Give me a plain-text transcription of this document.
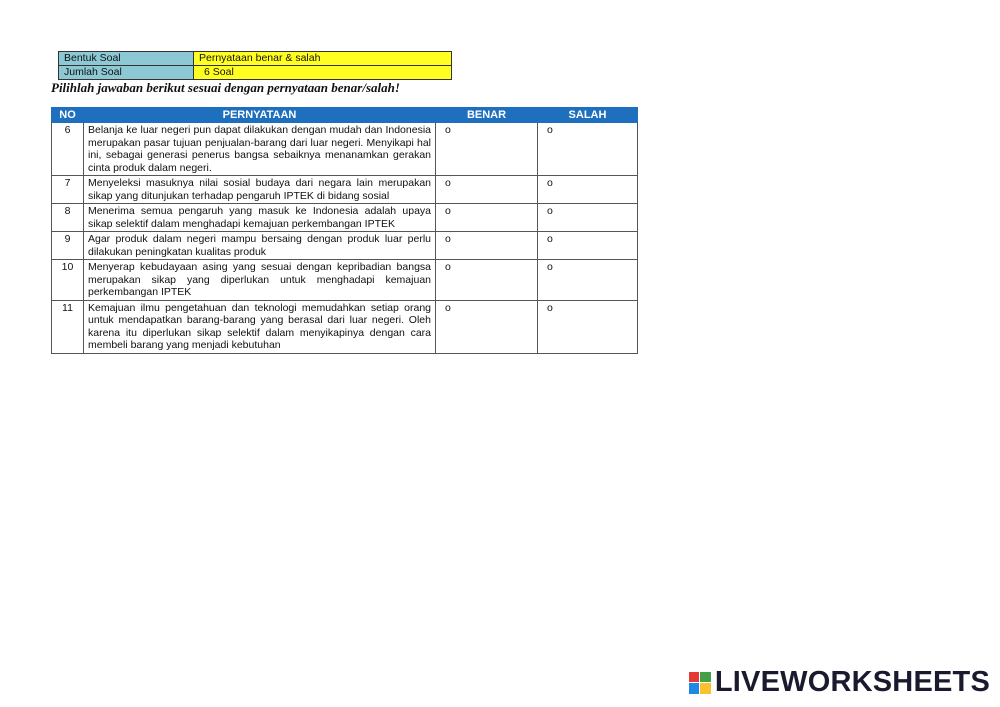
Bentuk Soal	Pernyataan benar & salah
Jumlah Soal	6 Soal
Pilihlah jawaban berikut sesuai dengan pernyataan benar/salah!
NO	PERNYATAAN	BENAR	SALAH
6	Belanja ke luar negeri pun dapat dilakukan dengan mudah dan Indonesia merupakan pasar tujuan penjualan-barang dari luar negeri. Menyikapi hal ini, sebagai generasi penerus bangsa sebaiknya menanamkan gerakan cinta produk dalam negeri.	o	o
7	Menyeleksi masuknya nilai sosial budaya dari negara lain merupakan sikap yang ditunjukan terhadap pengaruh IPTEK di bidang sosial	o	o
8	Menerima semua pengaruh yang masuk ke Indonesia adalah upaya sikap selektif dalam menghadapi kemajuan perkembangan IPTEK	o	o
9	Agar produk dalam negeri mampu bersaing dengan produk luar perlu dilakukan peningkatan kualitas produk	o	o
10	Menyerap kebudayaan asing yang sesuai dengan kepribadian bangsa merupakan sikap yang diperlukan untuk menghadapi kemajuan perkembangan IPTEK	o	o
11	Kemajuan ilmu pengetahuan dan teknologi memudahkan setiap orang untuk mendapatkan barang-barang yang berasal dari luar negeri. Oleh karena itu diperlukan sikap selektif dalam menyikapinya dengan cara membeli barang yang menjadi kebutuhan	o	o
LIVEWORKSHEETS
